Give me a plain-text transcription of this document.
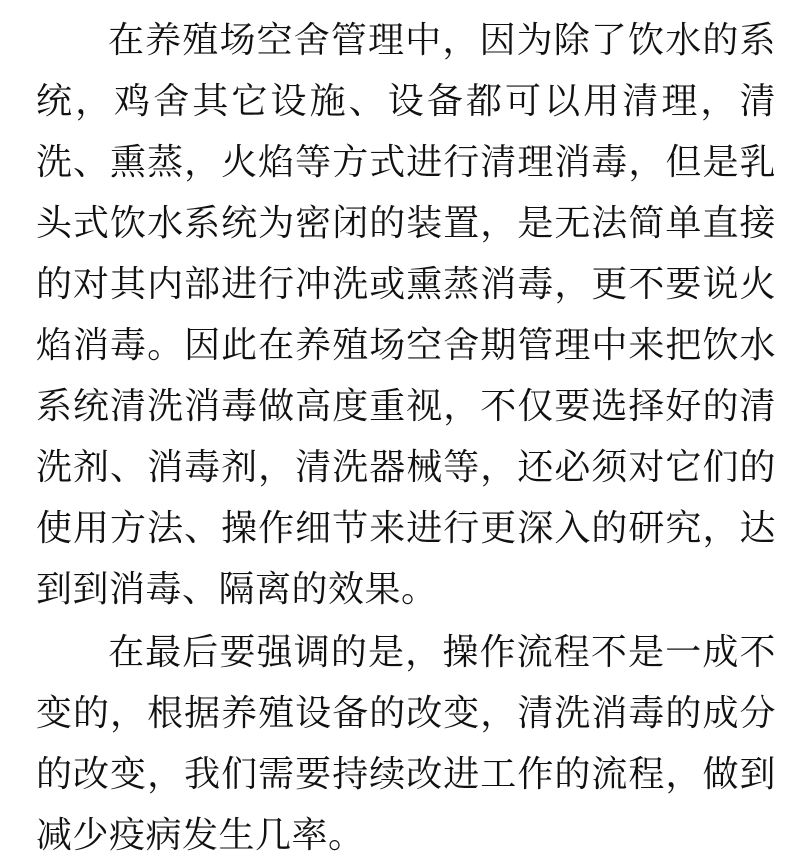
在养殖场空舍管理中，因为除了饮水的系统，鸡舍其它设施、设备都可以用清理，清洗、熏蒸，火焰等方式进行清理消毒，但是乳头式饮水系统为密闭的装置，是无法简单直接的对其内部进行冲洗或熏蒸消毒，更不要说火焰消毒。因此在养殖场空舍期管理中来把饮水系统清洗消毒做高度重视，不仅要选择好的清洗剂、消毒剂，清洗器械等，还必须对它们的使用方法、操作细节来进行更深入的研究，达到到消毒、隔离的效果。

在最后要强调的是，操作流程不是一成不变的，根据养殖设备的改变，清洗消毒的成分的改变，我们需要持续改进工作的流程，做到减少疫病发生几率。
